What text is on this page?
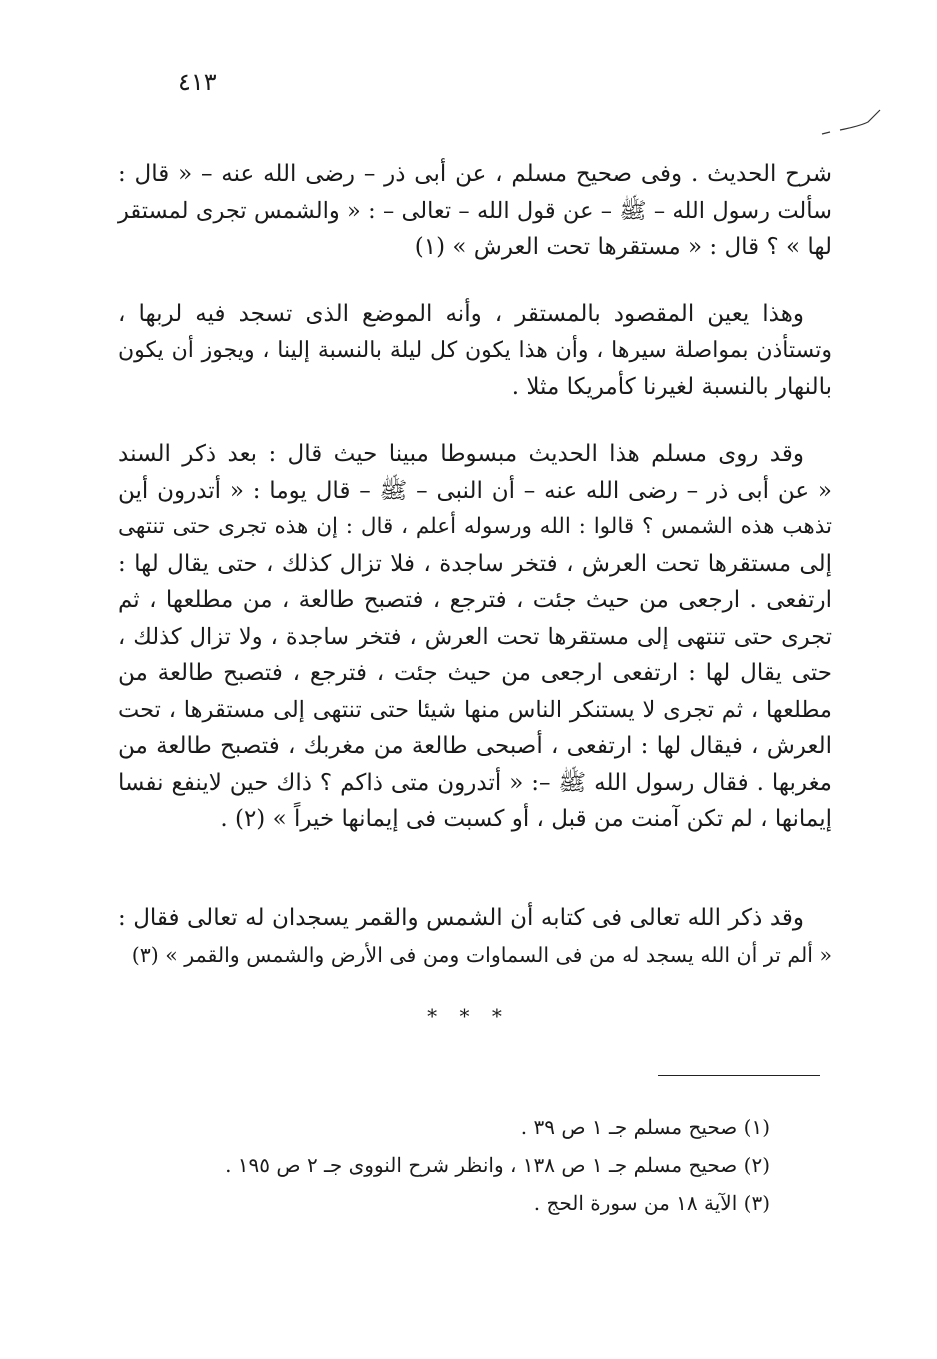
٤١٣
شرح الحديث . وفى صحيح مسلم ، عن أبى ذر – رضى الله عنه – « قال :
سألت رسول الله – ﷺ – عن قول الله – تعالى – : « والشمس تجرى لمستقر
لها » ؟ قال : « مستقرها تحت العرش » (١)
وهذا يعين المقصود بالمستقر ، وأنه الموضع الذى تسجد فيه لربها ،
وتستأذن بمواصلة سيرها ، وأن هذا يكون كل ليلة بالنسبة إلينا ، ويجوز أن يكون
بالنهار بالنسبة لغيرنا كأمريكا مثلا .
وقد روى مسلم هذا الحديث مبسوطا مبينا حيث قال : بعد ذكر السند
« عن أبى ذر – رضى الله عنه – أن النبى – ﷺ – قال يوما : « أتدرون أين
تذهب هذه الشمس ؟ قالوا : الله ورسوله أعلم ، قال : إن هذه تجرى حتى تنتهى
إلى مستقرها تحت العرش ، فتخر ساجدة ، فلا تزال كذلك ، حتى يقال لها :
ارتفعى . ارجعى من حيث جئت ، فترجع ، فتصبح طالعة ، من مطلعها ، ثم
تجرى حتى تنتهى إلى مستقرها تحت العرش ، فتخر ساجدة ، ولا تزال كذلك ،
حتى يقال لها : ارتفعى ارجعى من حيث جئت ، فترجع ، فتصبح طالعة من
مطلعها ، ثم تجرى لا يستنكر الناس منها شيئا حتى تنتهى إلى مستقرها ، تحت
العرش ، فيقال لها : ارتفعى ، أصبحى طالعة من مغربك ، فتصبح طالعة من
مغربها . فقال رسول الله ﷺ –: « أتدرون متى ذاكم ؟ ذاك حين لاينفع نفسا
إيمانها ، لم تكن آمنت من قبل ، أو كسبت فى إيمانها خيراً » (٢) .
وقد ذكر الله تعالى فى كتابه أن الشمس والقمر يسجدان له تعالى فقال :
« ألم تر أن الله يسجد له من فى السماوات ومن فى الأرض والشمس والقمر » (٣)
* * *
(١) صحيح مسلم جـ ١ ص ٣٩ .
(٢) صحيح مسلم جـ ١ ص ١٣٨ ، وانظر شرح النووى جـ ٢ ص ١٩٥ .
(٣) الآية ١٨ من سورة الحج .
